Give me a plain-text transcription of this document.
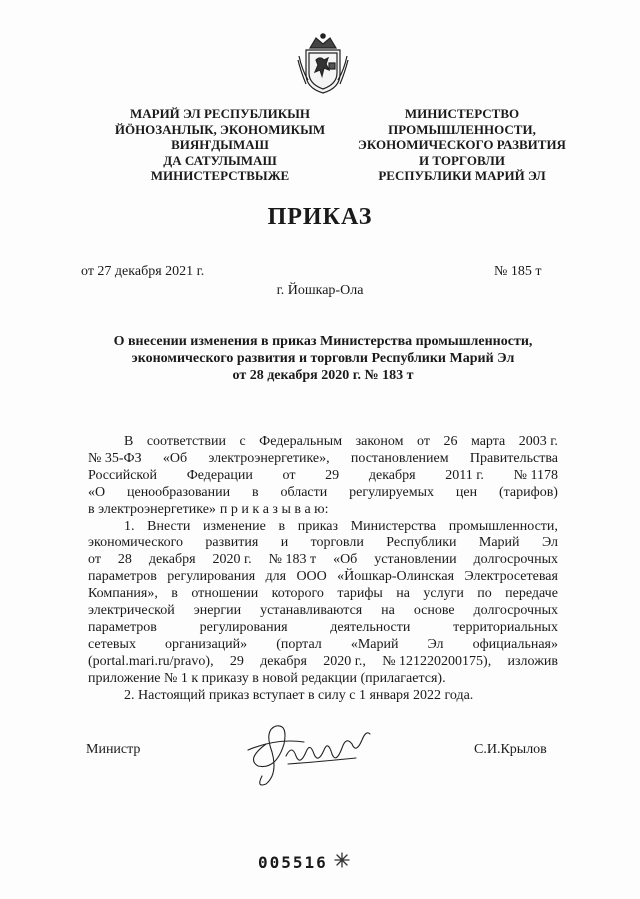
МАРИЙ ЭЛ РЕСПУБЛИКЫН
ЙӦНОЗАНЛЫК, ЭКОНОМИКЫМ
ВИЯҤДЫМАШ
ДА САТУЛЫМАШ
МИНИСТЕРСТВЫЖЕ
МИНИСТЕРСТВО
ПРОМЫШЛЕННОСТИ,
ЭКОНОМИЧЕСКОГО РАЗВИТИЯ
И ТОРГОВЛИ
РЕСПУБЛИКИ МАРИЙ ЭЛ
ПРИКАЗ
от 27 декабря 2021 г.	№ 185 т
г. Йошкар-Ола
О внесении изменения в приказ Министерства промышленности,
экономического развития и торговли Республики Марий Эл
от 28 декабря 2020 г. № 183 т
В соответствии с Федеральным законом от 26 марта 2003 г.
№ 35-ФЗ «Об электроэнергетике», постановлением Правительства
Российской Федерации от 29 декабря 2011 г. № 1178
«О ценообразовании в области регулируемых цен (тарифов)
в электроэнергетике» п р и к а з ы в а ю:
1. Внести изменение в приказ Министерства промышленности,
экономического развития и торговли Республики Марий Эл
от 28 декабря 2020 г. № 183 т «Об установлении долгосрочных
параметров регулирования для ООО «Йошкар-Олинская Электросетевая
Компания», в отношении которого тарифы на услуги по передаче
электрической энергии устанавливаются на основе долгосрочных
параметров	регулирования	деятельности	территориальных
сетевых организаций» (портал «Марий Эл официальная»
(portal.mari.ru/pravo), 29 декабря 2020 г., № 121220200175), изложив
приложение № 1 к приказу в новой редакции (прилагается).
2. Настоящий приказ вступает в силу с 1 января 2022 года.
Министр	С.И.Крылов
005516
